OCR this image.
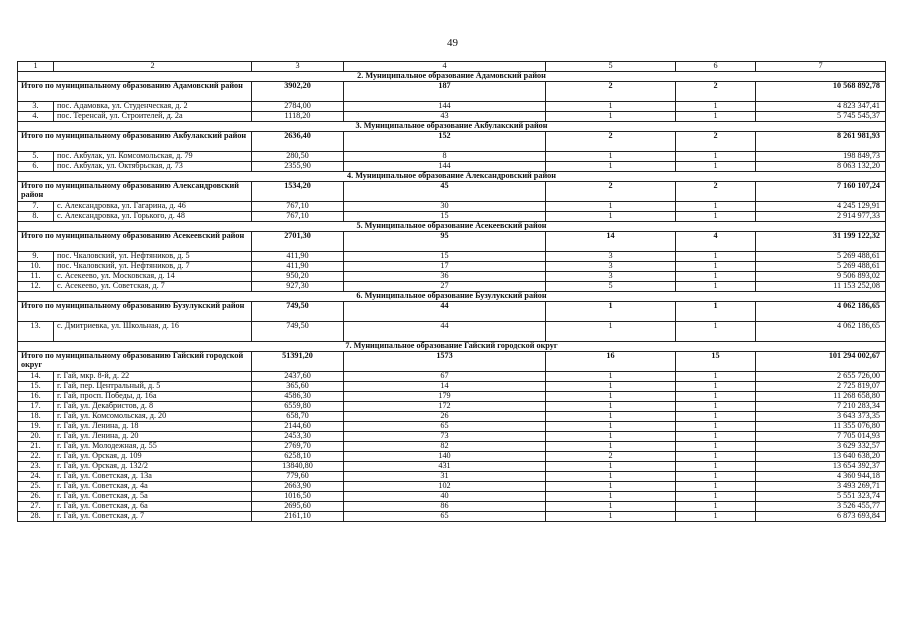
49
1	2	3	4	5	6	7
2. Муниципальное образование Адамовский район						
Итого по муниципальному образованию Адамовский район		3902,20	187	2	2	10 568 892,78
3.	пос. Адамовка, ул. Студенческая, д. 2	2784,00	144	1	1	4 823 347,41
4.	пос. Теренсай, ул. Строителей, д. 2а	1118,20	43	1	1	5 745 545,37
3. Муниципальное образование Акбулакский район						
Итого по муниципальному образованию Акбулакский район		2636,40	152	2	2	8 261 981,93
5.	пос. Акбулак, ул. Комсомольская, д. 79	280,50	8	1	1	198 849,73
6.	пос. Акбулак, ул. Октябрьская, д. 73	2355,90	144	1	1	8 063 132,20
4. Муниципальное образование Александровский район						
Итого по муниципальному образованию Александровский район		1534,20	45	2	2	7 160 107,24
7.	с. Александровка, ул. Гагарина, д. 46	767,10	30	1	1	4 245 129,91
8.	с. Александровка, ул. Горького, д. 48	767,10	15	1	1	2 914 977,33
5. Муниципальное образование Асекеевский район						
Итого по муниципальному образованию Асекеевский район		2701,30	95	14	4	31 199 122,32
9.	пос. Чкаловский, ул. Нефтяников, д. 5	411,90	15	3	1	5 269 488,61
10.	пос. Чкаловский, ул. Нефтяников, д. 7	411,90	17	3	1	5 269 488,61
11.	с. Асекеево, ул. Московская, д. 14	950,20	36	3	1	9 506 893,02
12.	с. Асекеево, ул. Советская, д. 7	927,30	27	5	1	11 153 252,08
6. Муниципальное образование Бузулукский район						
Итого по муниципальному образованию Бузулукский район		749,50	44	1	1	4 062 186,65
13.	с. Дмитриевка, ул. Школьная, д. 16	749,50	44	1	1	4 062 186,65
7. Муниципальное образование Гайский городской округ						
Итого по муниципальному образованию Гайский городской округ		51391,20	1573	16	15	101 294 002,67
14.	г. Гай, мкр. 8-й, д. 22	2437,60	67	1	1	2 655 726,00
15.	г. Гай, пер. Центральный, д. 5	365,60	14	1	1	2 725 819,07
16.	г. Гай, просп. Победы, д. 16а	4586,30	179	1	1	11 268 658,80
17.	г. Гай, ул. Декабристов, д. 8	6559,80	172	1	1	7 210 283,34
18.	г. Гай, ул. Комсомольская, д. 20	658,70	26	1	1	3 643 373,35
19.	г. Гай, ул. Ленина, д. 18	2144,60	65	1	1	11 355 076,80
20.	г. Гай, ул. Ленина, д. 20	2453,30	73	1	1	7 705 014,93
21.	г. Гай, ул. Молодежная, д. 55	2769,70	82	1	1	3 629 332,57
22.	г. Гай, ул. Орская, д. 109	6258,10	140	2	1	13 640 638,20
23.	г. Гай, ул. Орская, д. 132/2	13840,80	431	1	1	13 654 392,37
24.	г. Гай, ул. Советская, д. 13а	779,60	31	1	1	4 360 944,18
25.	г. Гай, ул. Советская, д. 4а	2663,90	102	1	1	3 493 269,71
26.	г. Гай, ул. Советская, д. 5а	1016,50	40	1	1	5 551 323,74
27.	г. Гай, ул. Советская, д. 6а	2695,60	86	1	1	3 526 455,77
28.	г. Гай, ул. Советская, д. 7	2161,10	65	1	1	6 873 693,84
